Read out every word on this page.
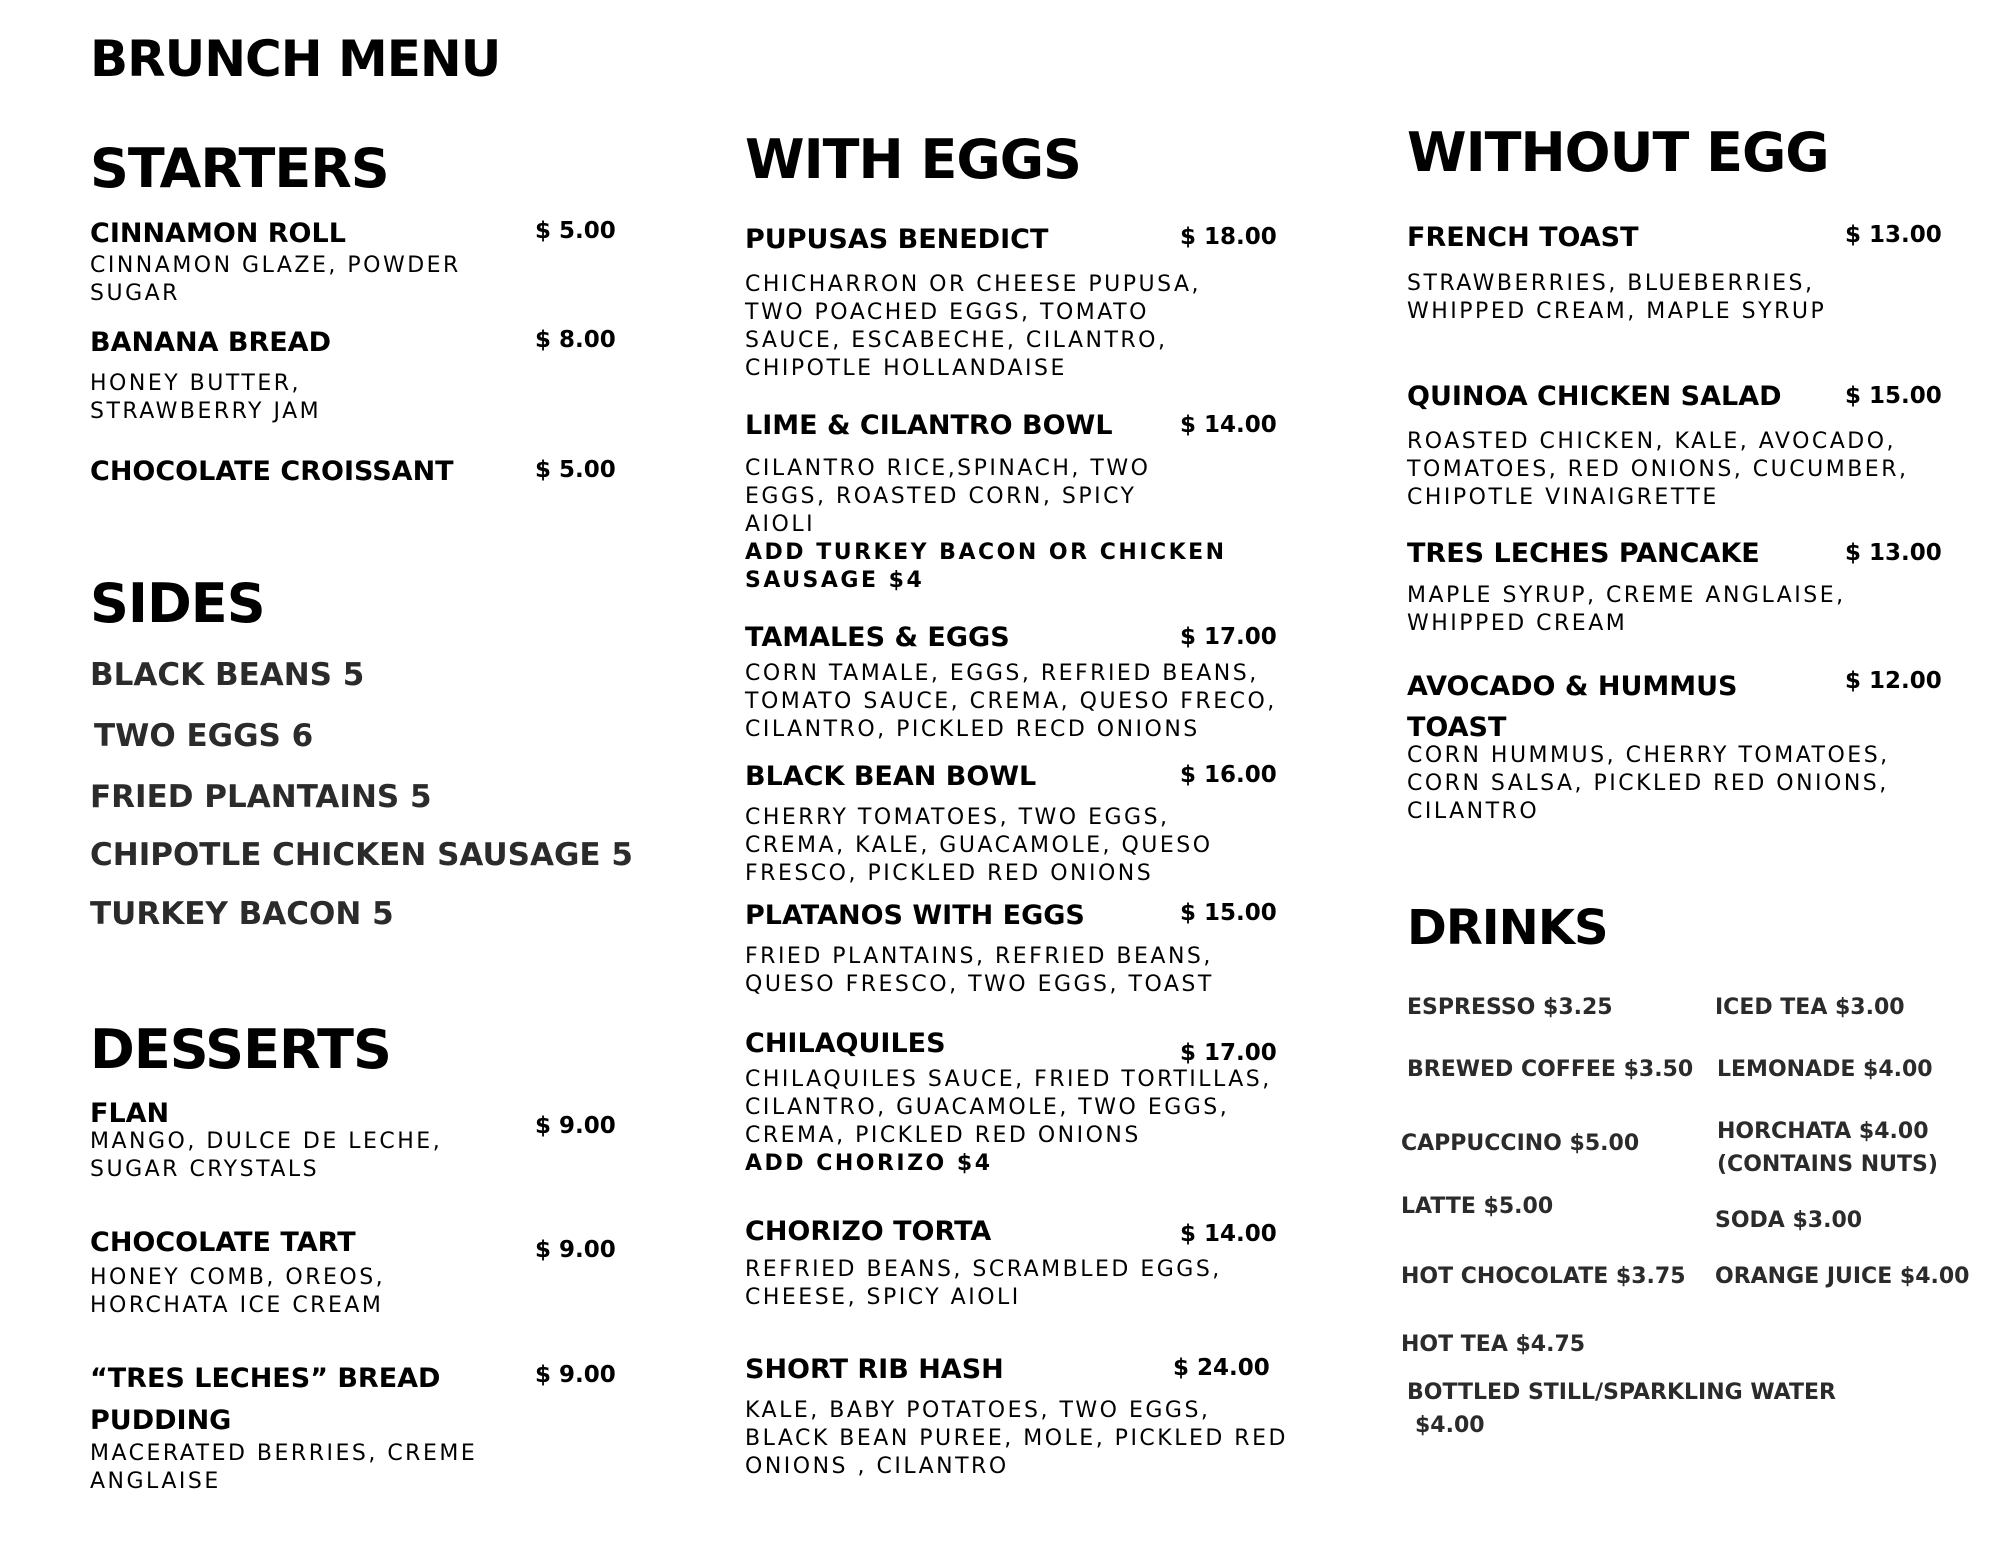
BRUNCH MENU
STARTERS
CINNAMON ROLL	$ 5.00
CINNAMON GLAZE, POWDER
SUGAR
BANANA BREAD	$ 8.00
HONEY BUTTER,
STRAWBERRY JAM
CHOCOLATE CROISSANT	$ 5.00
SIDES
BLACK BEANS 5
TWO EGGS 6
FRIED PLANTAINS 5
CHIPOTLE CHICKEN SAUSAGE 5
TURKEY BACON 5
DESSERTS
FLAN	$ 9.00
MANGO, DULCE DE LECHE,
SUGAR CRYSTALS
CHOCOLATE TART	$ 9.00
HONEY COMB, OREOS,
HORCHATA ICE CREAM
“TRES LECHES” BREAD
PUDDING
$ 9.00
MACERATED BERRIES, CREME
ANGLAISE
WITH EGGS
PUPUSAS BENEDICT	$ 18.00
CHICHARRON OR CHEESE PUPUSA,
TWO POACHED EGGS, TOMATO
SAUCE, ESCABECHE, CILANTRO,
CHIPOTLE HOLLANDAISE
LIME & CILANTRO BOWL	$ 14.00
CILANTRO RICE,SPINACH, TWO
EGGS, ROASTED CORN, SPICY
AIOLI
ADD TURKEY BACON OR CHICKEN
SAUSAGE $4
TAMALES & EGGS	$ 17.00
CORN TAMALE, EGGS, REFRIED BEANS,
TOMATO SAUCE, CREMA, QUESO FRECO,
CILANTRO, PICKLED RECD ONIONS
BLACK BEAN BOWL	$ 16.00
CHERRY TOMATOES, TWO EGGS,
CREMA, KALE, GUACAMOLE, QUESO
FRESCO, PICKLED RED ONIONS
PLATANOS WITH EGGS	$ 15.00
FRIED PLANTAINS, REFRIED BEANS,
QUESO FRESCO, TWO EGGS, TOAST
CHILAQUILES	$ 17.00
CHILAQUILES SAUCE, FRIED TORTILLAS,
CILANTRO, GUACAMOLE, TWO EGGS,
CREMA, PICKLED RED ONIONS
ADD CHORIZO $4
CHORIZO TORTA	$ 14.00
REFRIED BEANS, SCRAMBLED EGGS,
CHEESE, SPICY AIOLI
SHORT RIB HASH	$ 24.00
KALE, BABY POTATOES, TWO EGGS,
BLACK BEAN PUREE, MOLE, PICKLED RED
ONIONS , CILANTRO
WITHOUT EGG
FRENCH TOAST	$ 13.00
STRAWBERRIES, BLUEBERRIES,
WHIPPED CREAM, MAPLE SYRUP
QUINOA CHICKEN SALAD	$ 15.00
ROASTED CHICKEN, KALE, AVOCADO,
TOMATOES, RED ONIONS, CUCUMBER,
CHIPOTLE VINAIGRETTE
TRES LECHES PANCAKE	$ 13.00
MAPLE SYRUP, CREME ANGLAISE,
WHIPPED CREAM
AVOCADO & HUMMUS
TOAST
$ 12.00
CORN HUMMUS, CHERRY TOMATOES,
CORN SALSA, PICKLED RED ONIONS,
CILANTRO
DRINKS
ESPRESSO $3.25
BREWED COFFEE $3.50
CAPPUCCINO $5.00
LATTE $5.00
HOT CHOCOLATE $3.75
HOT TEA $4.75
ICED TEA $3.00
LEMONADE $4.00
HORCHATA $4.00
(CONTAINS NUTS)
SODA $3.00
ORANGE JUICE $4.00
BOTTLED STILL/SPARKLING WATER
$4.00
